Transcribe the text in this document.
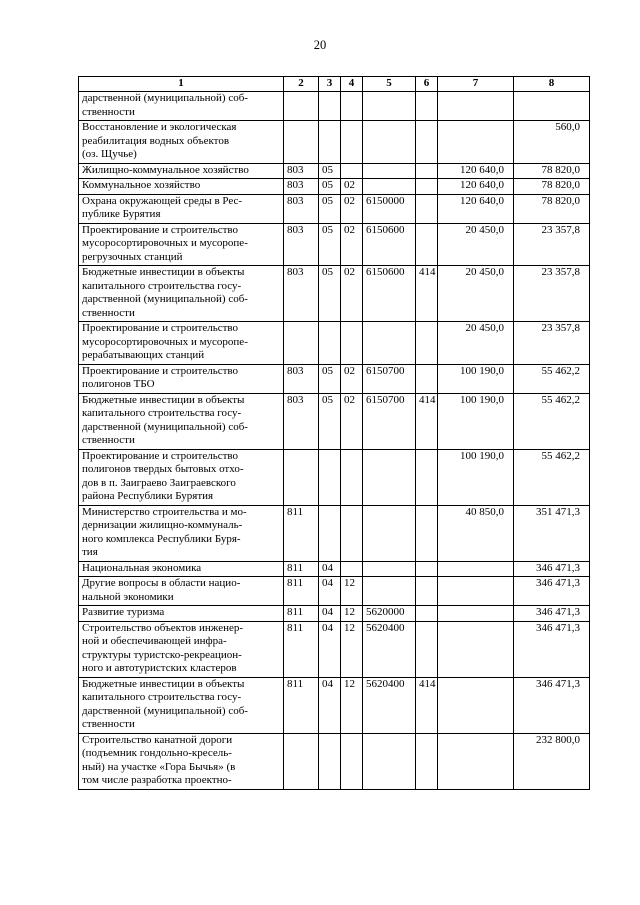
20
1	2	3	4	5	6	7	8
дарственной (муниципальной) соб-
ственности							
Восстановление и экологическая
реабилитация водных объектов
(оз. Щучье)							560,0
Жилищно-коммунальное хозяйство	803	05				120 640,0	78 820,0
Коммунальное хозяйство	803	05	02			120 640,0	78 820,0
Охрана окружающей среды в Рес-
публике Бурятия	803	05	02	6150000		120 640,0	78 820,0
Проектирование и строительство
мусоросортировочных и мусоропе-
регрузочных станций	803	05	02	6150600		20 450,0	23 357,8
Бюджетные инвестиции в объекты
капитального строительства госу-
дарственной (муниципальной) соб-
ственности	803	05	02	6150600	414	20 450,0	23 357,8
Проектирование и строительство
мусоросортировочных и мусоропе-
рерабатывающих станций						20 450,0	23 357,8
Проектирование и строительство
полигонов ТБО	803	05	02	6150700		100 190,0	55 462,2
Бюджетные инвестиции в объекты
капитального строительства госу-
дарственной (муниципальной) соб-
ственности	803	05	02	6150700	414	100 190,0	55 462,2
Проектирование и строительство
полигонов твердых бытовых отхо-
дов в п. Заиграево Заиграевского
района Республики Бурятия						100 190,0	55 462,2
Министерство строительства и мо-
дернизации жилищно-коммуналь-
ного комплекса Республики Буря-
тия	811					40 850,0	351 471,3
Национальная экономика	811	04					346 471,3
Другие вопросы в области нацио-
нальной экономики	811	04	12				346 471,3
Развитие туризма	811	04	12	5620000			346 471,3
Строительство объектов инженер-
ной и обеспечивающей инфра-
структуры туристско-рекреацион-
ного и автотуристских кластеров	811	04	12	5620400			346 471,3
Бюджетные инвестиции в объекты
капитального строительства госу-
дарственной (муниципальной) соб-
ственности	811	04	12	5620400	414		346 471,3
Строительство канатной дороги
(подъемник гондольно-кресель-
ный) на участке «Гора Бычья» (в
том числе разработка проектно-							232 800,0
